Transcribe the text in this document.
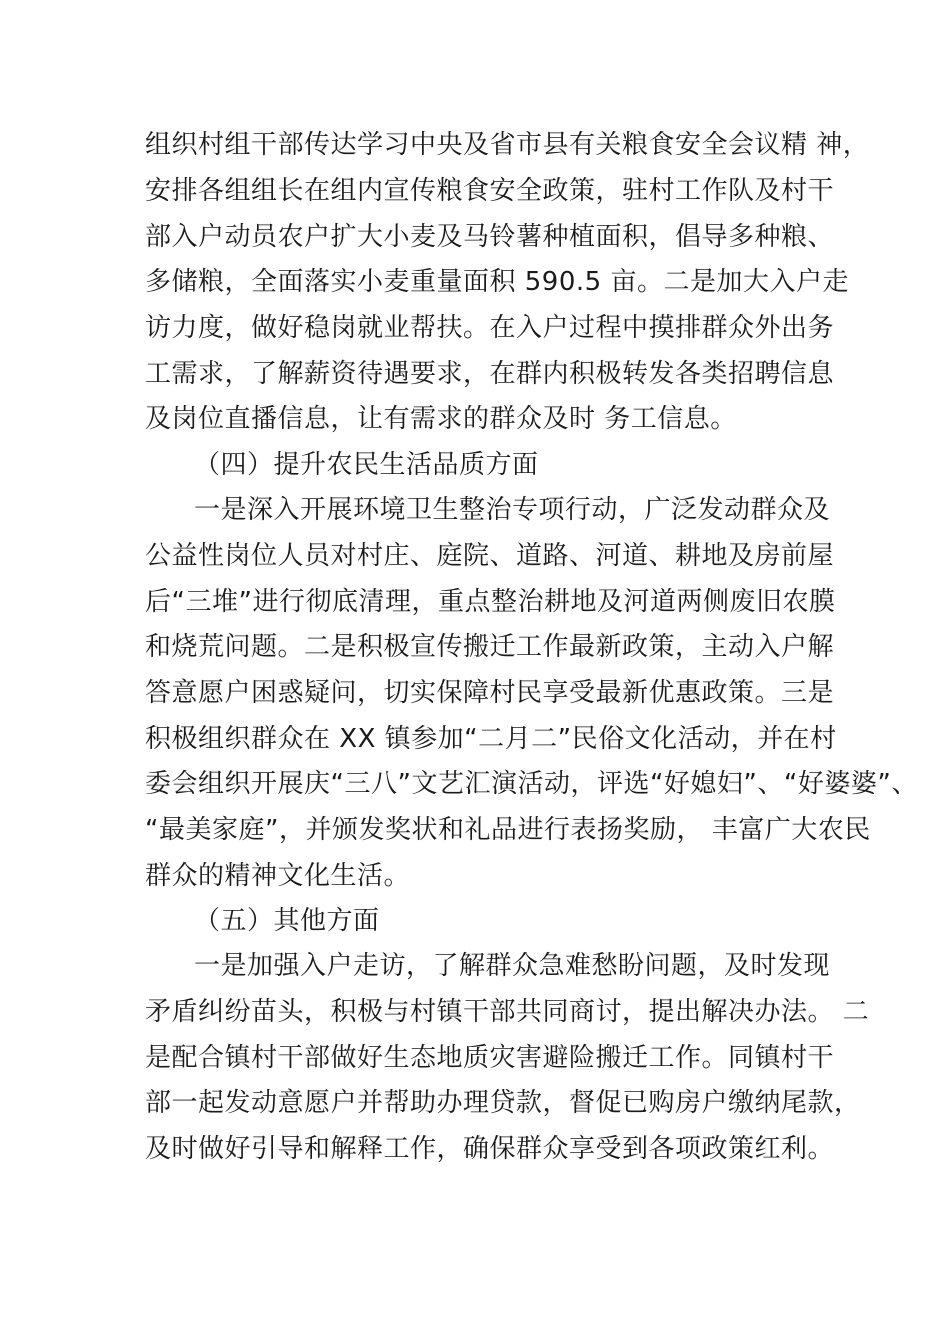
组织村组干部传达学习中央及省市县有关粮食安全会议精 神，
安排各组组长在组内宣传粮食安全政策，驻村工作队及村干
部入户动员农户扩大小麦及马铃薯种植面积，倡导多种粮、
多储粮，全面落实小麦重量面积 590.5 亩。二是加大入户走
访力度，做好稳岗就业帮扶。在入户过程中摸排群众外出务
工需求，了解薪资待遇要求，在群内积极转发各类招聘信息
及岗位直播信息，让有需求的群众及时 务工信息。
（四）提升农民生活品质方面
一是深入开展环境卫生整治专项行动，广泛发动群众及
公益性岗位人员对村庄、庭院、道路、河道、耕地及房前屋
后“三堆”进行彻底清理，重点整治耕地及河道两侧废旧农膜
和烧荒问题。二是积极宣传搬迁工作最新政策，主动入户解
答意愿户困惑疑问，切实保障村民享受最新优惠政策。三是
积极组织群众在 XX 镇参加“二月二”民俗文化活动，并在村
委会组织开展庆“三八”文艺汇演活动，评选“好媳妇”、“好婆婆”、
“最美家庭”，并颁发奖状和礼品进行表扬奖励， 丰富广大农民
群众的精神文化生活。
（五）其他方面
一是加强入户走访，了解群众急难愁盼问题，及时发现
矛盾纠纷苗头，积极与村镇干部共同商讨，提出解决办法。 二
是配合镇村干部做好生态地质灾害避险搬迁工作。同镇村干
部一起发动意愿户并帮助办理贷款，督促已购房户缴纳尾款，
及时做好引导和解释工作，确保群众享受到各项政策红利。
